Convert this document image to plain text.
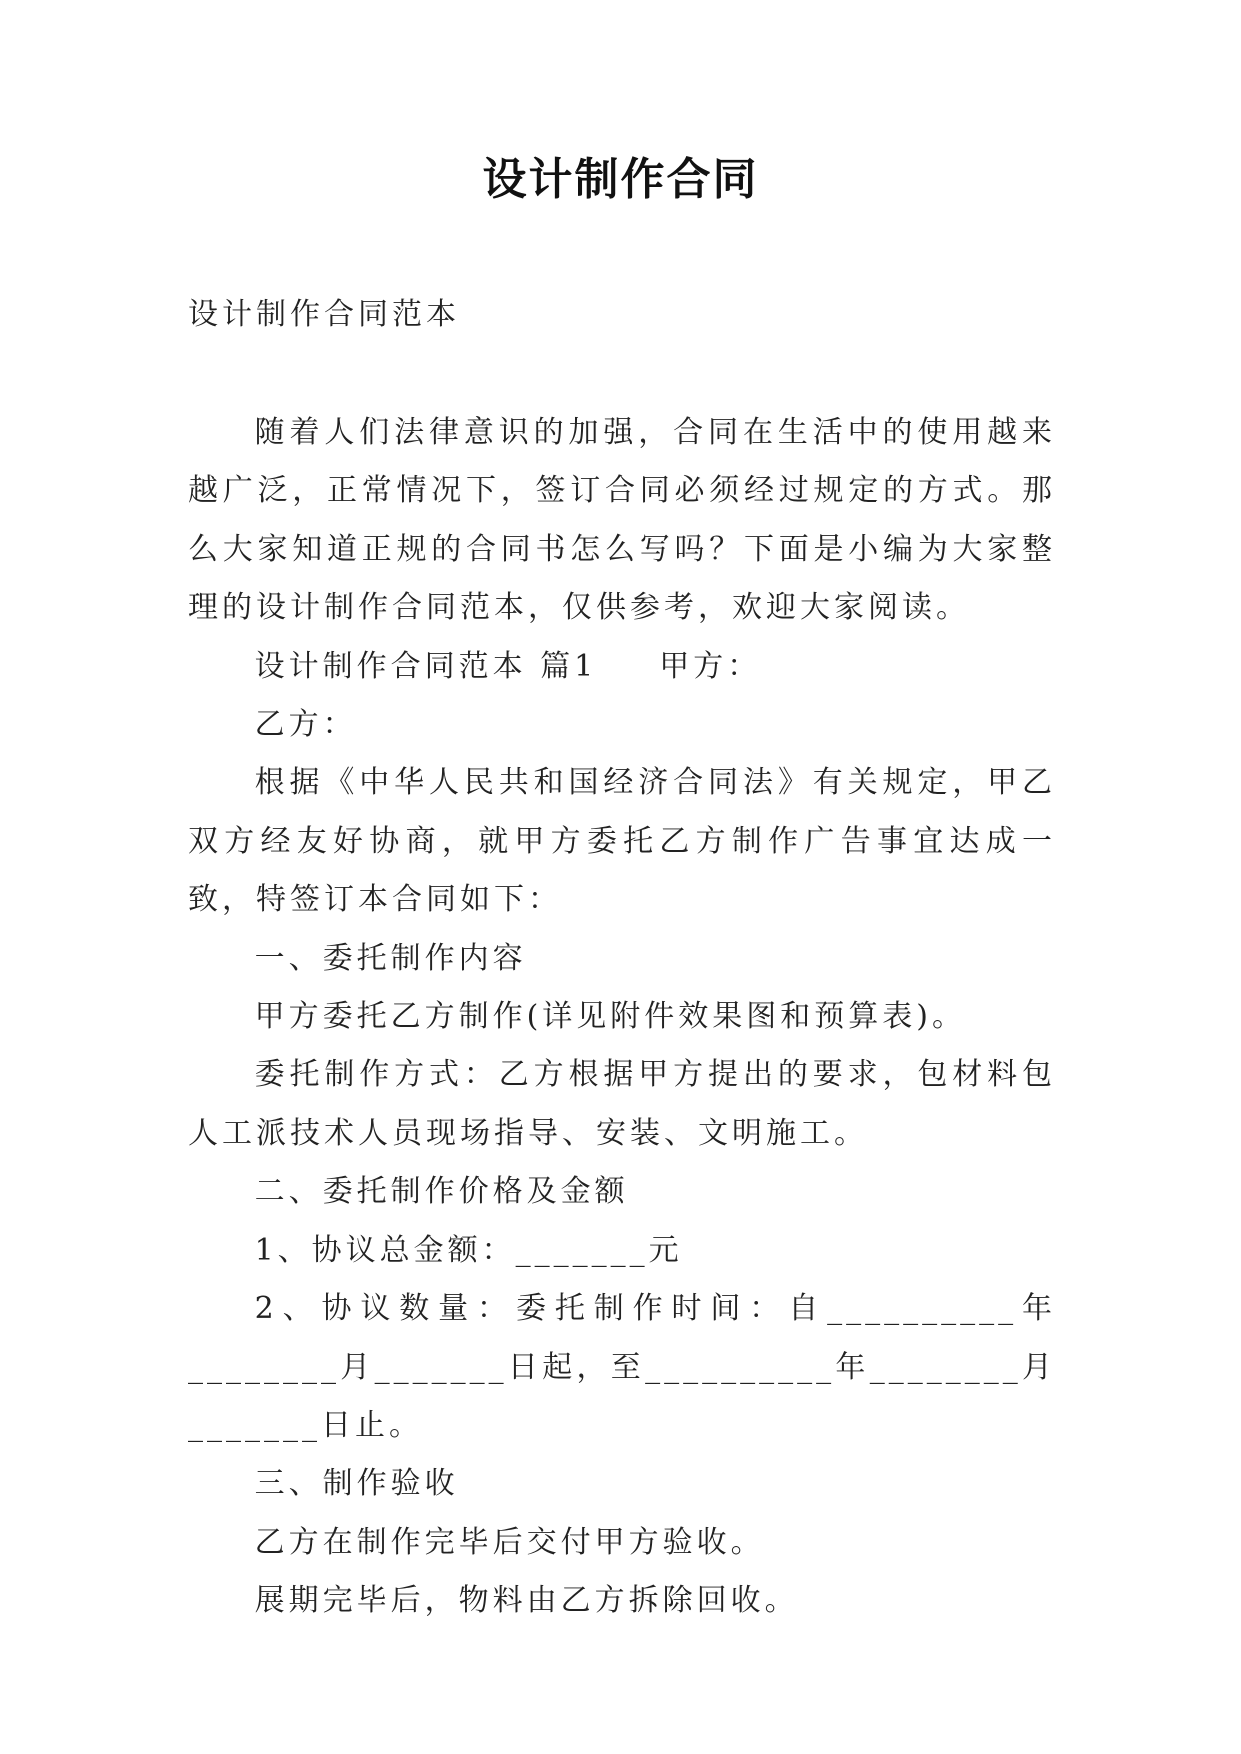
设计制作合同
设计制作合同范本

随着人们法律意识的加强，合同在生活中的使用越来越广泛，正常情况下，签订合同必须经过规定的方式。那么大家知道正规的合同书怎么写吗？下面是小编为大家整理的设计制作合同范本，仅供参考，欢迎大家阅读。

设计制作合同范本 篇1 甲方：

乙方：

根据《中华人民共和国经济合同法》有关规定，甲乙双方经友好协商，就甲方委托乙方制作广告事宜达成一致，特签订本合同如下：

一、委托制作内容

甲方委托乙方制作(详见附件效果图和预算表)。

委托制作方式：乙方根据甲方提出的要求，包材料包人工派技术人员现场指导、安装、文明施工。

二、委托制作价格及金额

1、协议总金额：_______元

2、协议数量：委托制作时间：自__________年________月_______日起，至__________年________月_______日止。

三、制作验收

乙方在制作完毕后交付甲方验收。

展期完毕后，物料由乙方拆除回收。
